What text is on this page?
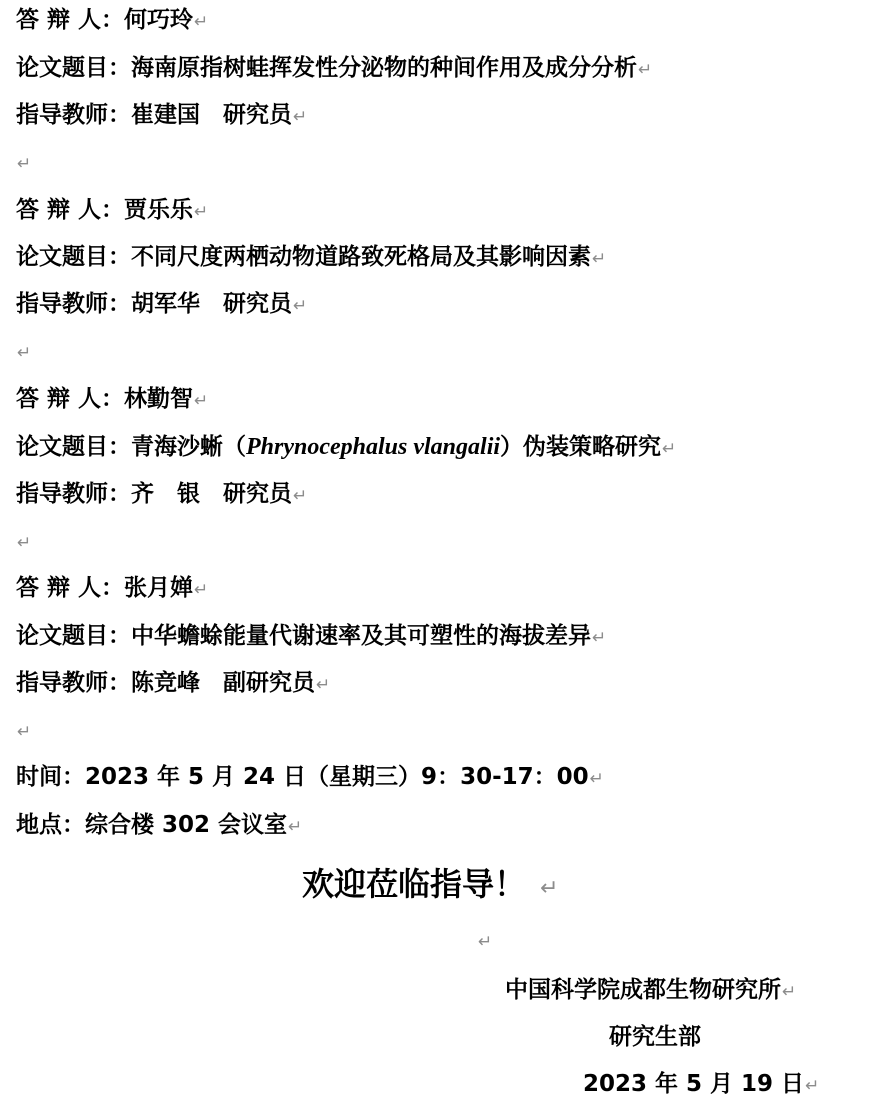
答 辩 人：何巧玲↵
论文题目：海南原指树蛙挥发性分泌物的种间作用及成分分析↵
指导教师：崔建国　研究员↵
↵
答 辩 人：贾乐乐↵
论文题目：不同尺度两栖动物道路致死格局及其影响因素↵
指导教师：胡军华　研究员↵
↵
答 辩 人：林勤智↵
论文题目：青海沙蜥（Phrynocephalus vlangalii）伪装策略研究↵
指导教师：齐　银　研究员↵
↵
答 辩 人：张月婵↵
论文题目：中华蟾蜍能量代谢速率及其可塑性的海拔差异↵
指导教师：陈竞峰　副研究员↵
↵
时间：2023 年 5 月 24 日（星期三）9：30-17：00↵
地点：综合楼 302 会议室↵
欢迎莅临指导！ ↵
↵
中国科学院成都生物研究所↵
研究生部
2023 年 5 月 19 日↵
